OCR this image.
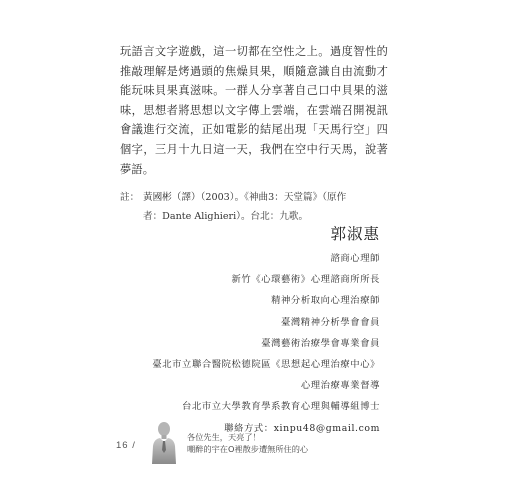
玩語言文字遊戲，這一切都在空性之上。過度智性的推敲理解是烤過頭的焦燥貝果，順隨意識自由流動才能玩味貝果真滋味。一群人分享著自己口中貝果的滋味，思想者將思想以文字傳上雲端，在雲端召開視訊會議進行交流，正如電影的結尾出現「天馬行空」四個字，三月十九日這一天，我們在空中行天馬，說著夢語。

註： 黃國彬（譯）（2003）。《神曲3：天堂篇》（原作
者：Dante Alighieri）。台北：九歌。
郭淑惠
諮商心理師
新竹《心環藝術》心理諮商所所長
精神分析取向心理治療師
臺灣精神分析學會會員
臺灣藝術治療學會專業會員
臺北市立聯合醫院松德院區《思想起心理治療中心》
心理治療專業督導
台北市立大學教育學系教育心理與輔導組博士
聯絡方式：xinpu48@gmail.com
16 /
各位先生，天亮了！
嘲醉的宇在O裡散步遭無所住的心
